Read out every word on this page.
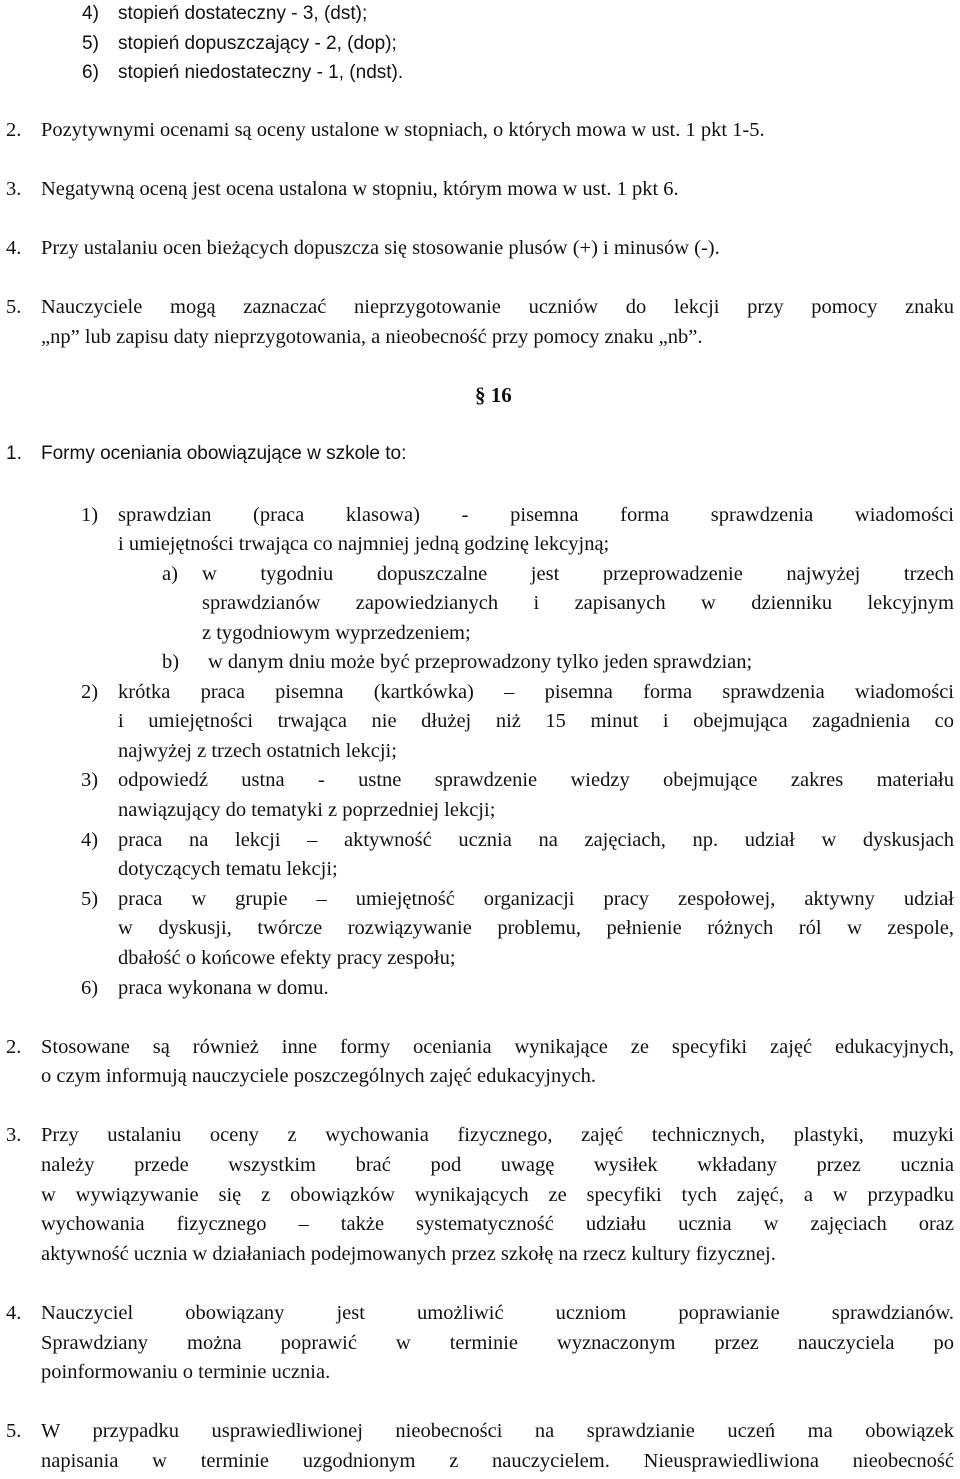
4) stopień dostateczny - 3, (dst);
5) stopień dopuszczający - 2, (dop);
6) stopień niedostateczny - 1, (ndst).
2. Pozytywnymi ocenami są oceny ustalone w stopniach, o których mowa w ust. 1 pkt 1-5.
3. Negatywną oceną jest ocena ustalona w stopniu, którym mowa w ust. 1 pkt 6.
4. Przy ustalaniu ocen bieżących dopuszcza się stosowanie plusów (+) i minusów (-).
5. Nauczyciele mogą zaznaczać nieprzygotowanie uczniów do lekcji przy pomocy znaku
„np” lub zapisu daty nieprzygotowania, a nieobecność przy pomocy znaku „nb”.
§ 16
1. Formy oceniania obowiązujące w szkole to:
1) sprawdzian (praca klasowa) - pisemna forma sprawdzenia wiadomości
i umiejętności trwająca co najmniej jedną godzinę lekcyjną;
a) w tygodniu dopuszczalne jest przeprowadzenie najwyżej trzech
sprawdzianów zapowiedzianych i zapisanych w dzienniku lekcyjnym
z tygodniowym wyprzedzeniem;
b) w danym dniu może być przeprowadzony tylko jeden sprawdzian;
2) krótka praca pisemna (kartkówka) – pisemna forma sprawdzenia wiadomości
i umiejętności trwająca nie dłużej niż 15 minut i obejmująca zagadnienia co
najwyżej z trzech ostatnich lekcji;
3) odpowiedź ustna - ustne sprawdzenie wiedzy obejmujące zakres materiału
nawiązujący do tematyki z poprzedniej lekcji;
4) praca na lekcji – aktywność ucznia na zajęciach, np. udział w dyskusjach
dotyczących tematu lekcji;
5) praca w grupie – umiejętność organizacji pracy zespołowej, aktywny udział
w dyskusji, twórcze rozwiązywanie problemu, pełnienie różnych ról w zespole,
dbałość o końcowe efekty pracy zespołu;
6) praca wykonana w domu.
2. Stosowane są również inne formy oceniania wynikające ze specyfiki zajęć edukacyjnych,
o czym informują nauczyciele poszczególnych zajęć edukacyjnych.
3. Przy ustalaniu oceny z wychowania fizycznego, zajęć technicznych, plastyki, muzyki
należy przede wszystkim brać pod uwagę wysiłek wkładany przez ucznia
w wywiązywanie się z obowiązków wynikających ze specyfiki tych zajęć, a w przypadku
wychowania fizycznego – także systematyczność udziału ucznia w zajęciach oraz
aktywność ucznia w działaniach podejmowanych przez szkołę na rzecz kultury fizycznej.
4. Nauczyciel obowiązany jest umożliwić uczniom poprawianie sprawdzianów.
Sprawdziany można poprawić w terminie wyznaczonym przez nauczyciela po
poinformowaniu o terminie ucznia.
5. W przypadku usprawiedliwionej nieobecności na sprawdzianie uczeń ma obowiązek
napisania w terminie uzgodnionym z nauczycielem. Nieusprawiedliwiona nieobecność
